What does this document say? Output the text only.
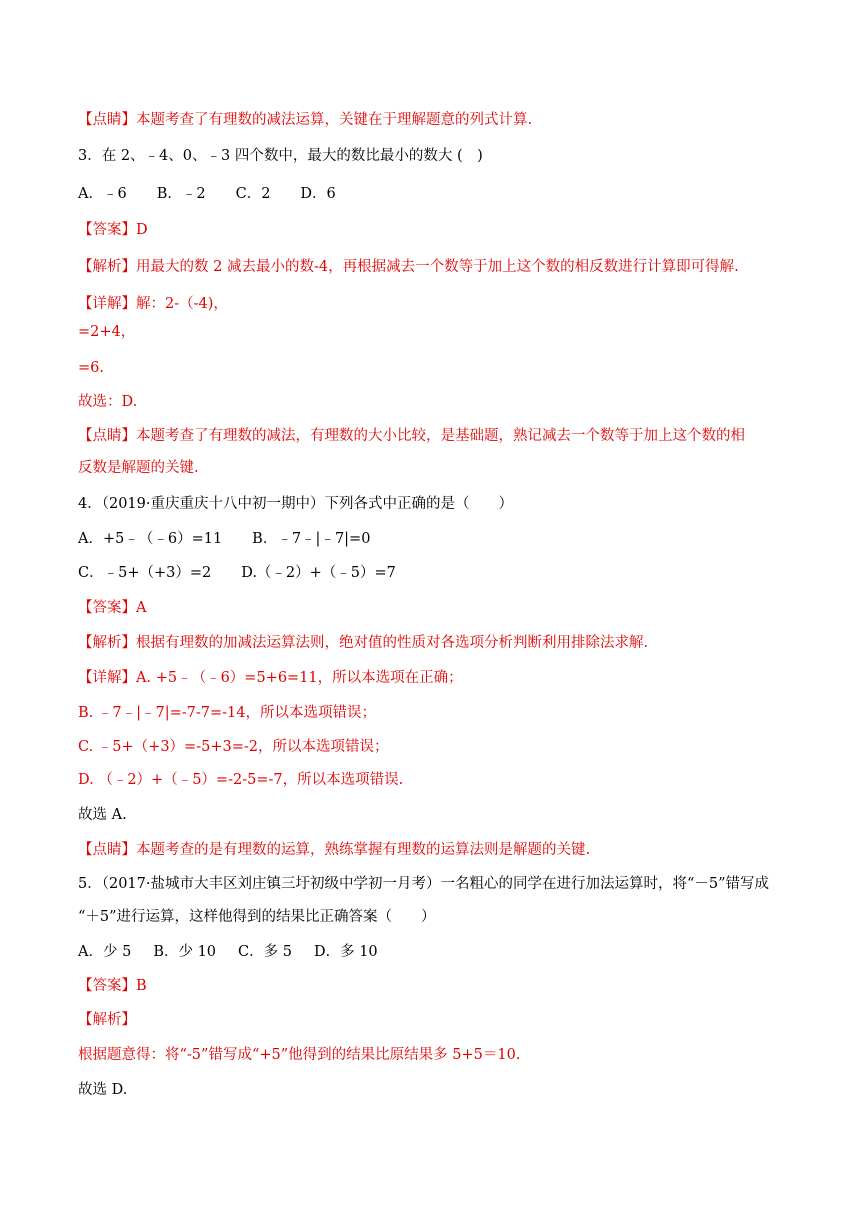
【点睛】本题考查了有理数的减法运算，关键在于理解题意的列式计算.
3．在 2、﹣4、0、﹣3 四个数中，最大的数比最小的数大 (　)
A．﹣6 B．﹣2 C．2 D．6
【答案】D
【解析】用最大的数 2 减去最小的数-4，再根据减去一个数等于加上这个数的相反数进行计算即可得解.
【详解】解：2-（-4)，
=2+4，
=6.
故选：D.
【点睛】本题考查了有理数的减法，有理数的大小比较，是基础题，熟记减去一个数等于加上这个数的相
反数是解题的关键.
4．（2019·重庆重庆十八中初一期中）下列各式中正确的是（　　）
A．+5﹣（﹣6）=11 B．﹣7﹣|﹣7|=0
C．﹣5+（+3）=2 D.（﹣2）+（﹣5）=7
【答案】A
【解析】根据有理数的加减法运算法则，绝对值的性质对各选项分析判断利用排除法求解.
【详解】A. +5﹣（﹣6）=5+6=11，所以本选项在正确；
B. ﹣7﹣|﹣7|=-7-7=-14，所以本选项错误；
C. ﹣5+（+3）=-5+3=-2，所以本选项错误；
D. （﹣2）+（﹣5）=-2-5=-7，所以本选项错误.
故选 A.
【点睛】本题考查的是有理数的运算，熟练掌握有理数的运算法则是解题的关键.
5．（2017·盐城市大丰区刘庄镇三圩初级中学初一月考）一名粗心的同学在进行加法运算时，将“－5”错写成
“＋5”进行运算，这样他得到的结果比正确答案（　　）
A．少 5 B．少 10 C．多 5 D．多 10
【答案】B
【解析】
根据题意得：将“-5”错写成“+5”他得到的结果比原结果多 5+5＝10.
故选 D.
